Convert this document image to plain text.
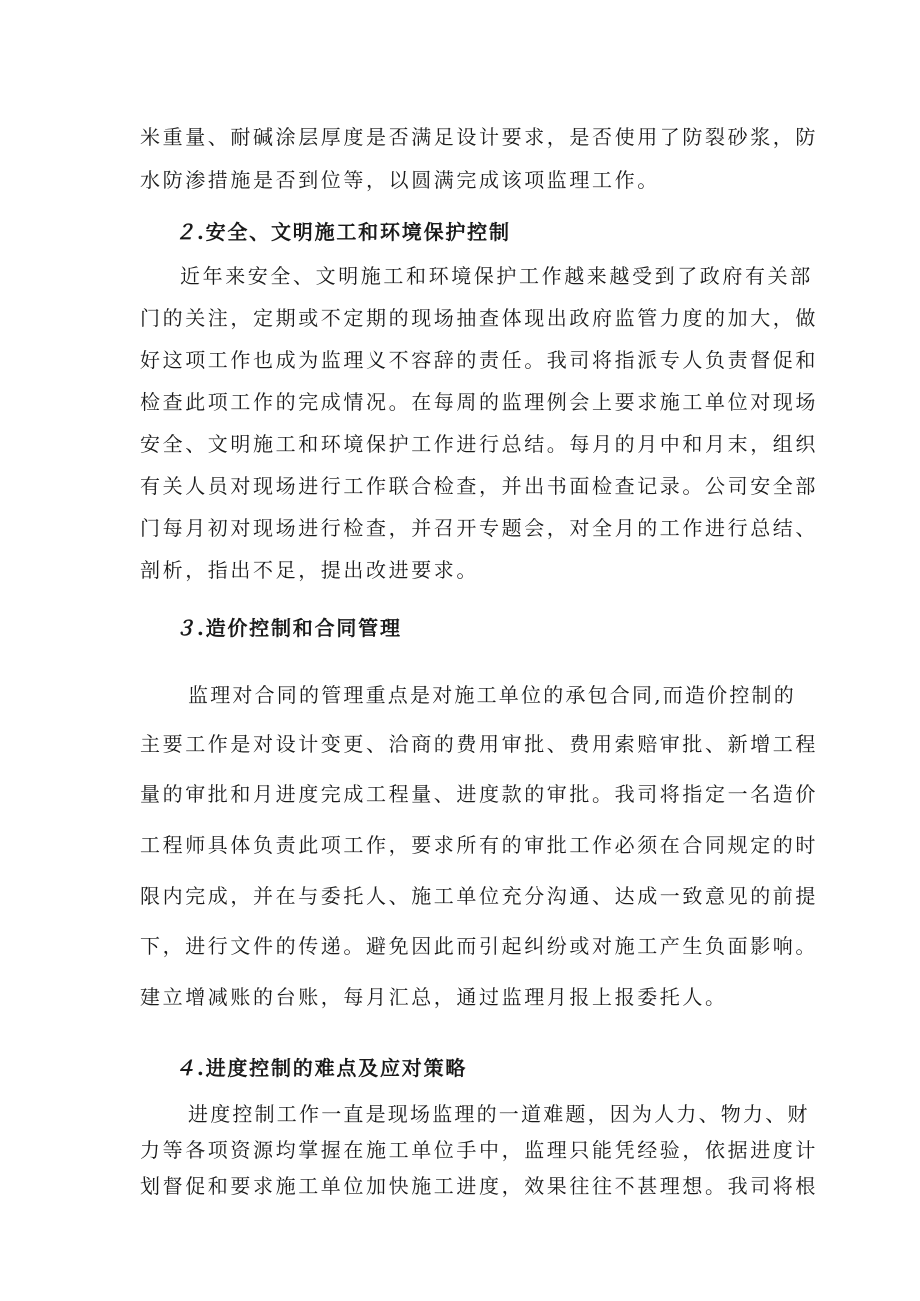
米重量、耐碱涂层厚度是否满足设计要求，是否使用了防裂砂浆，防
水防渗措施是否到位等，以圆满完成该项监理工作。
２.安全、文明施工和环境保护控制
近年来安全、文明施工和环境保护工作越来越受到了政府有关部
门的关注，定期或不定期的现场抽查体现出政府监管力度的加大，做
好这项工作也成为监理义不容辞的责任。我司将指派专人负责督促和
检查此项工作的完成情况。在每周的监理例会上要求施工单位对现场
安全、文明施工和环境保护工作进行总结。每月的月中和月末，组织
有关人员对现场进行工作联合检查，并出书面检查记录。公司安全部
门每月初对现场进行检查，并召开专题会，对全月的工作进行总结、
剖析，指出不足，提出改进要求。
３.造价控制和合同管理
监理对合同的管理重点是对施工单位的承包合同,而造价控制的
主要工作是对设计变更、洽商的费用审批、费用索赔审批、新增工程
量的审批和月进度完成工程量、进度款的审批。我司将指定一名造价
工程师具体负责此项工作，要求所有的审批工作必须在合同规定的时
限内完成，并在与委托人、施工单位充分沟通、达成一致意见的前提
下，进行文件的传递。避免因此而引起纠纷或对施工产生负面影响。
建立增减账的台账，每月汇总，通过监理月报上报委托人。
４.进度控制的难点及应对策略
进度控制工作一直是现场监理的一道难题，因为人力、物力、财
力等各项资源均掌握在施工单位手中，监理只能凭经验，依据进度计
划督促和要求施工单位加快施工进度，效果往往不甚理想。我司将根
